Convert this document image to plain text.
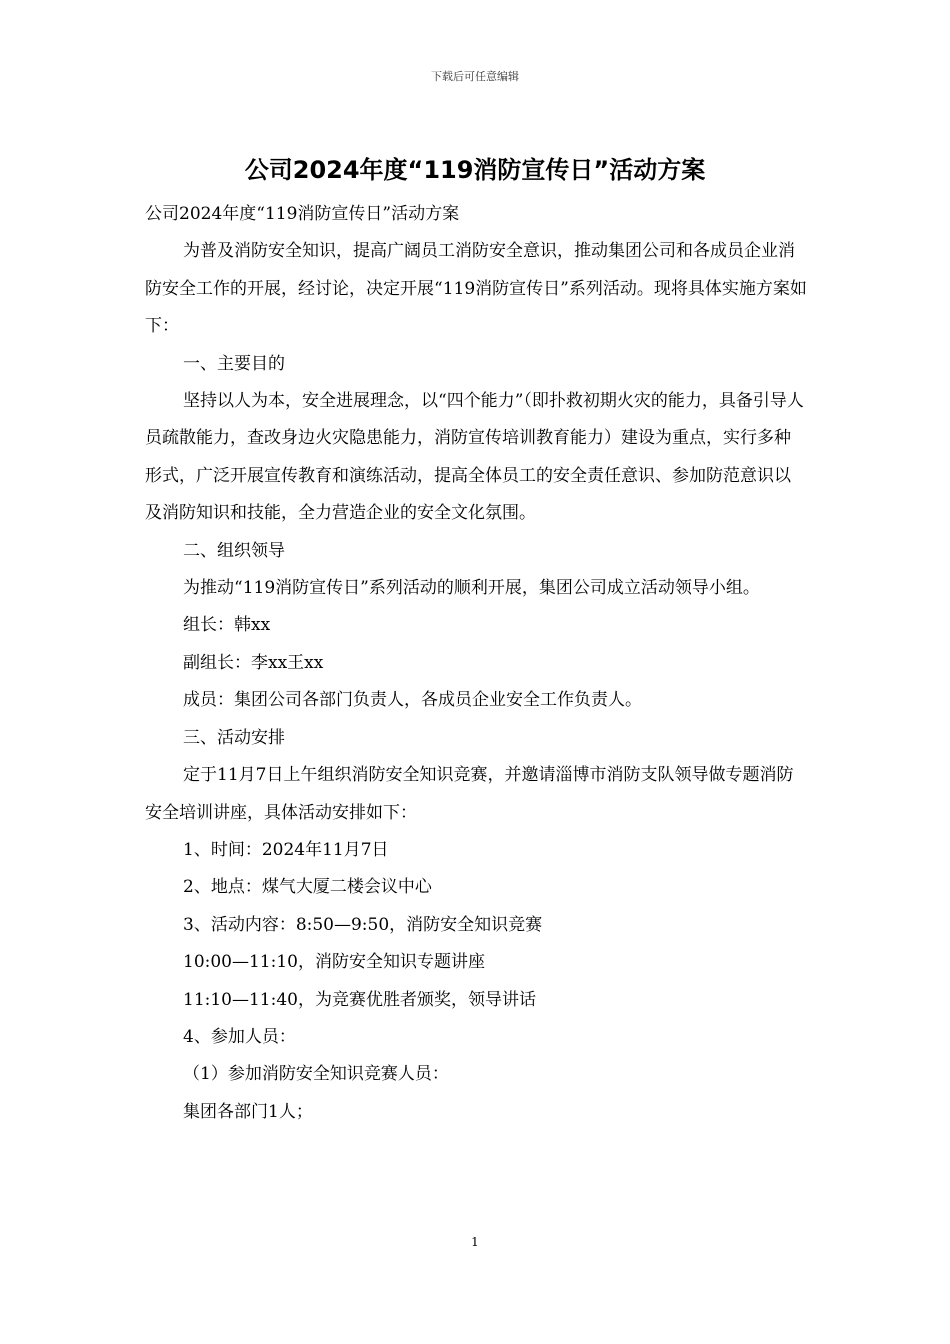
下载后可任意编辑
公司2024年度“119消防宣传日”活动方案

公司2024年度“119消防宣传日”活动方案

为普及消防安全知识，提高广阔员工消防安全意识，推动集团公司和各成员企业消防安全工作的开展，经讨论，决定开展“119消防宣传日”系列活动。现将具体实施方案如下：

一、主要目的

坚持以人为本，安全进展理念，以“四个能力”（即扑救初期火灾的能力，具备引导人员疏散能力，查改身边火灾隐患能力，消防宣传培训教育能力）建设为重点，实行多种形式，广泛开展宣传教育和演练活动，提高全体员工的安全责任意识、参加防范意识以及消防知识和技能，全力营造企业的安全文化氛围。

二、组织领导

为推动“119消防宣传日”系列活动的顺利开展，集团公司成立活动领导小组。

组长：韩xx

副组长：李xx王xx

成员：集团公司各部门负责人，各成员企业安全工作负责人。

三、活动安排

定于11月7日上午组织消防安全知识竞赛，并邀请淄博市消防支队领导做专题消防安全培训讲座，具体活动安排如下：

1、时间：2024年11月7日

2、地点：煤气大厦二楼会议中心

3、活动内容：8:50—9:50，消防安全知识竞赛

10:00—11:10，消防安全知识专题讲座

11:10—11:40，为竞赛优胜者颁奖，领导讲话

4、参加人员：

（1）参加消防安全知识竞赛人员：

集团各部门1人；

1
